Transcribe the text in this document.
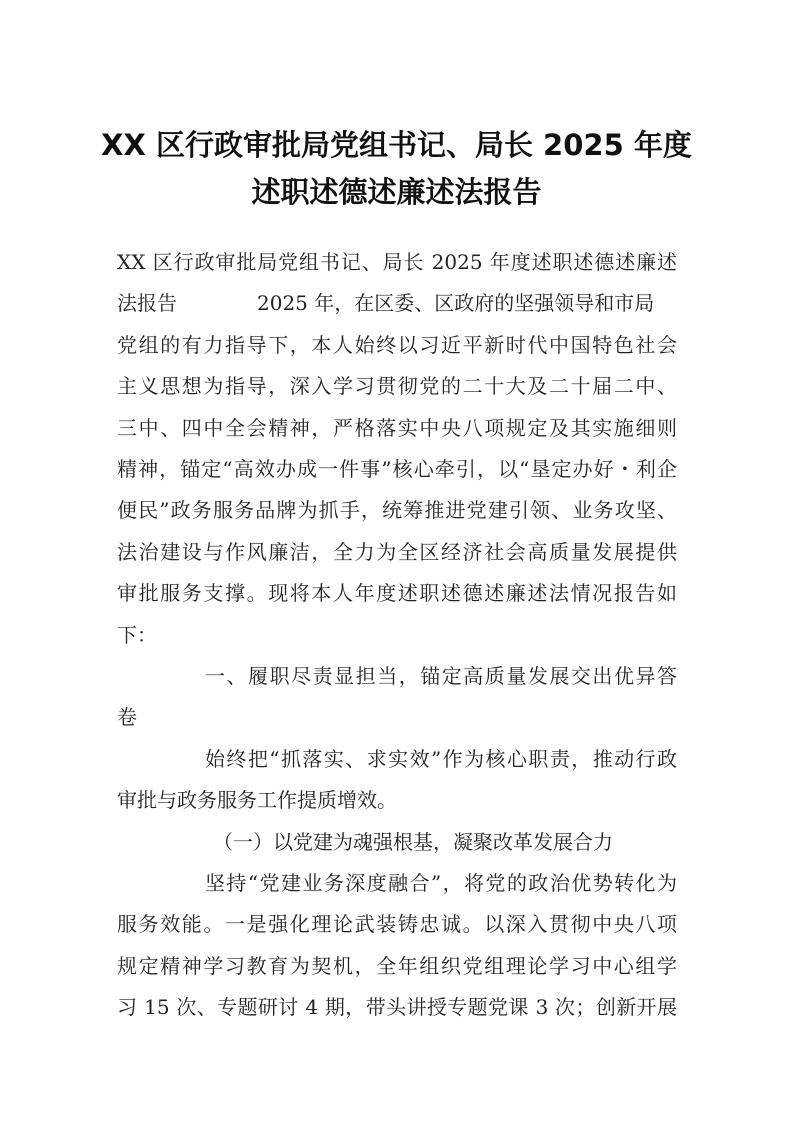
XX 区行政审批局党组书记、局长 2025 年度
述职述德述廉述法报告
XX 区行政审批局党组书记、局长 2025 年度述职述德述廉述
法报告	2025 年，在区委、区政府的坚强领导和市局
党组的有力指导下，本人始终以习近平新时代中国特色社会
主义思想为指导，深入学习贯彻党的二十大及二十届二中、
三中、四中全会精神，严格落实中央八项规定及其实施细则
精神，锚定“高效办成一件事”核心牵引，以“垦定办好・利企
便民”政务服务品牌为抓手，统筹推进党建引领、业务攻坚、
法治建设与作风廉洁，全力为全区经济社会高质量发展提供
审批服务支撑。现将本人年度述职述德述廉述法情况报告如
下：
一、履职尽责显担当，锚定高质量发展交出优异答
卷
始终把“抓落实、求实效”作为核心职责，推动行政
审批与政务服务工作提质增效。
（一）以党建为魂强根基，凝聚改革发展合力
坚持“党建业务深度融合”，将党的政治优势转化为
服务效能。一是强化理论武装铸忠诚。以深入贯彻中央八项
规定精神学习教育为契机，全年组织党组理论学习中心组学
习 15 次、专题研讨 4 期，带头讲授专题党课 3 次；创新开展
